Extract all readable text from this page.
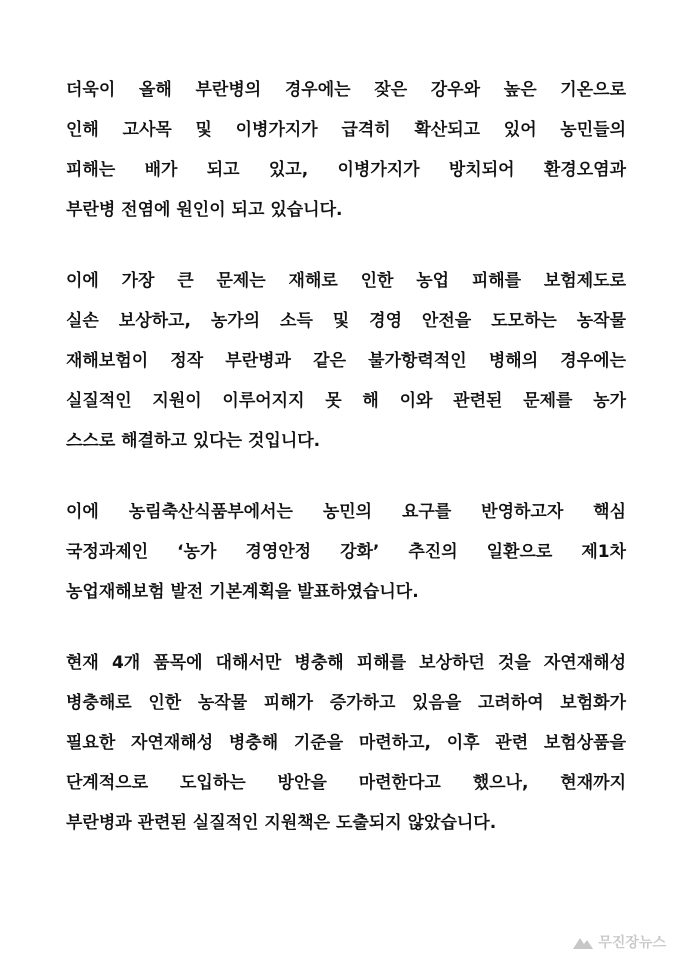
더욱이 올해 부란병의 경우에는 잦은 강우와 높은 기온으로
인해 고사목 및 이병가지가 급격히 확산되고 있어 농민들의
피해는 배가 되고 있고, 이병가지가 방치되어 환경오염과
부란병 전염에 원인이 되고 있습니다.
이에 가장 큰 문제는 재해로 인한 농업 피해를 보험제도로
실손 보상하고, 농가의 소득 및 경영 안전을 도모하는 농작물
재해보험이 정작 부란병과 같은 불가항력적인 병해의 경우에는
실질적인 지원이 이루어지지 못 해 이와 관련된 문제를 농가
스스로 해결하고 있다는 것입니다.
이에 농림축산식품부에서는 농민의 요구를 반영하고자 핵심
국정과제인 ‘농가 경영안정 강화’ 추진의 일환으로 제1차
농업재해보험 발전 기본계획을 발표하였습니다.
현재 4개 품목에 대해서만 병충해 피해를 보상하던 것을 자연재해성
병충해로 인한 농작물 피해가 증가하고 있음을 고려하여 보험화가
필요한 자연재해성 병충해 기준을 마련하고, 이후 관련 보험상품을
단계적으로 도입하는 방안을 마련한다고 했으나, 현재까지
부란병과 관련된 실질적인 지원책은 도출되지 않았습니다.
무진장뉴스
